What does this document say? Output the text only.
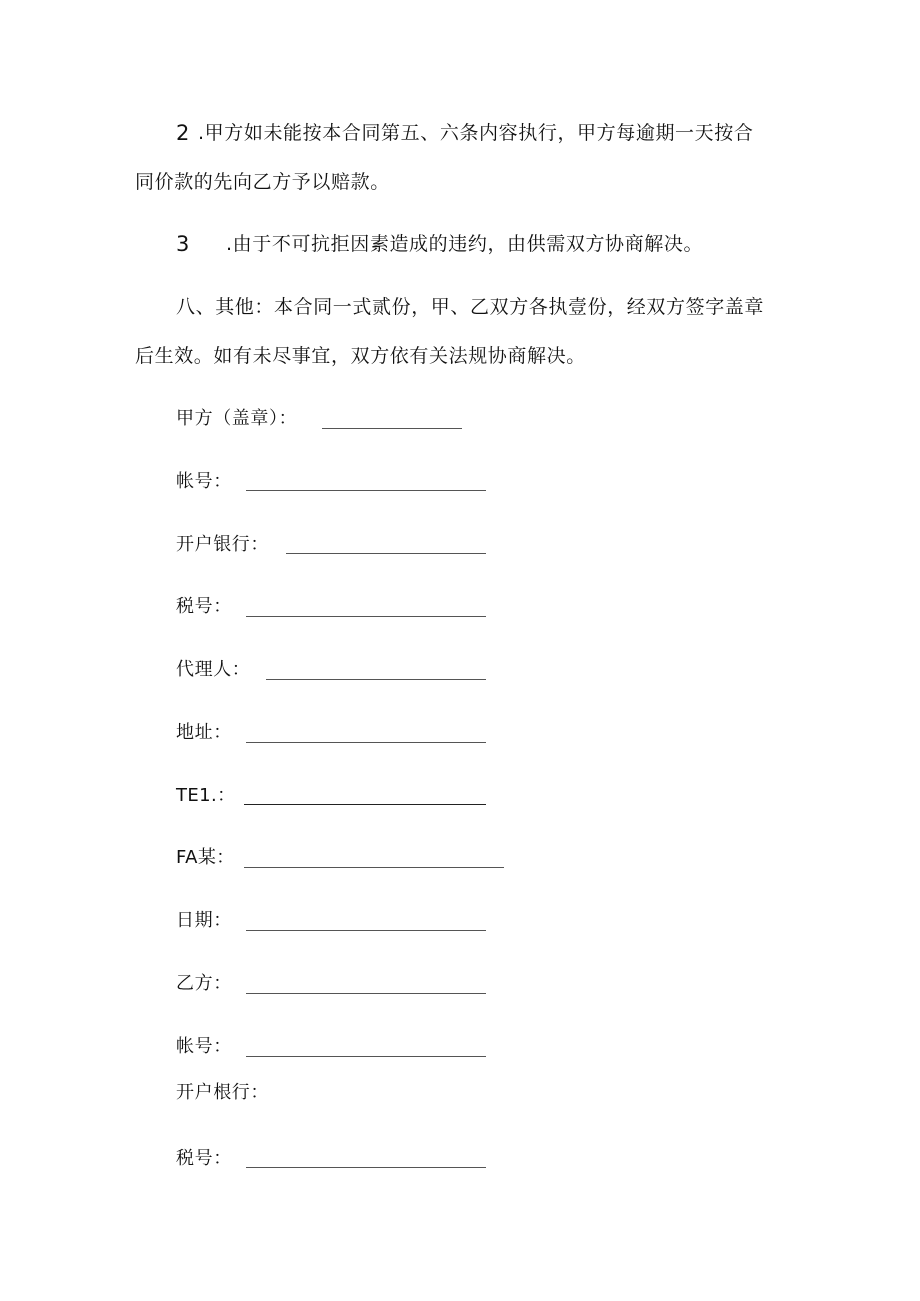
2 .甲方如未能按本合同第五、六条内容执行，甲方每逾期一天按合
同价款的先向乙方予以赔款。
3 .由于不可抗拒因素造成的违约，由供需双方协商解决。
八、其他：本合同一式贰份，甲、乙双方各执壹份，经双方签字盖章
后生效。如有未尽事宜，双方依有关法规协商解决。
甲方（盖章）：
帐号：
开户银行：
税号：
代理人：
地址：
TE1.：
FA某：
日期：
乙方：
帐号：
开户根行：
税号：
